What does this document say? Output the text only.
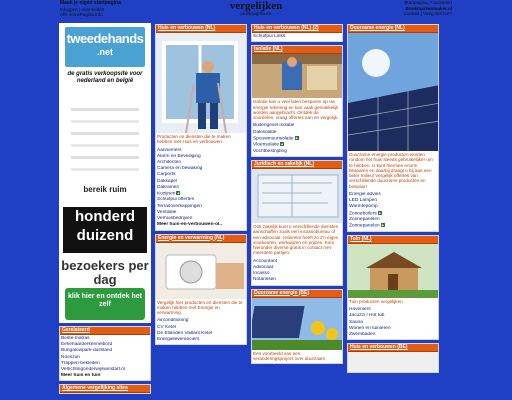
Maak je eigen startpagina
Inloggen | Aanmelden
Alle JouwPagina.info
vergelijken
jouwpagina.eu
Startpagina, Favorieten
Bookmarkenmaker.nl
Contact | Voeg link toe?
tweedehands
.net
de gratis verkoopsite voor nederland en belgië
bereik ruim
honderd
duizend
bezoekers per dag
klik hier en ontdek het zelf
Gerelateerd
Beste-matras
Eefiehaarderkennelbord
Bungalowpark-duitsland
Noeszun
Trappen-bekleden
Verlichtingonderwijswinstart.nl
Meer huis en tuin
Algemene vergelijking sites
Huis en verbouwen (NL)
Producten en diensten die te maken hebben met Huis en verbouwen.
Aannemers
Alarm en Beveiliging
Architecten
Camera en bewaking
Carports
Dakkapel
Dakramen
Kozijnen▲
Schuifpui offertes
Terrasoverkappingen
Ventilatie
Verhuisbedrijven
Meer huis-en-verbouwen-ol..
Energie en verwarming (NL)
Vergelijk hier producten en diensten die te maken hebben met Energie en verwarming.
Airconditioning
CV Ketel
De Ellanden Vaillant Ketel
Energieleveranciers
Huis en verbouwen (NL) (2)
Schuifpui Links
Isolatie (NL)
Isolatie kan u veel laten besparen op uw energie rekening en kan vaak gemakkelijk worden aangebracht. Ontdek de voordelen, vraag offertes aan en vergelijk.
Buitengevel isolatie
Dakisolatie
Spouwmuurisolatie▲
Vloerisolatie▲
Vochtbestrijding
Juridisch en zakelijk (NL)
Ook zakelijk kunt u verschillende diensten aanschaffen zoals een incassobureau of een advocaat. Iedereen heeft zo z'n eigen voorkeuren, werkwijzen en prijzen. Kom hieronder diverse gratis in contact met meerdere partijen.
Accountant
Advocaat
Incasso
Notarissen
Duurzame energie (BE)
Een voorbeeld van een veranderingsproject over duurzaam
Duurzame energie (NL)
Duurzame energie producten worden rondom het huis steeds gebruikelijker om te hebben. U kunt hiermee enorm besparen en daarbij draagt u bij aan een beter milieu! Vergelijk offertes van verschillende duurzame producten en bespaar!
Energie advies
LED Lampen
Warmtepomp
Zonneboilers▲
Zonnepanelen
Zonnepanelen▲
Tuin (NL)
Tuin producten vergelijken
Hoveniers
Jacuzzi / Hot tub
Sauna
Wonen en tuinieren
Zwembaden
Huis en verbouwen (BE)
